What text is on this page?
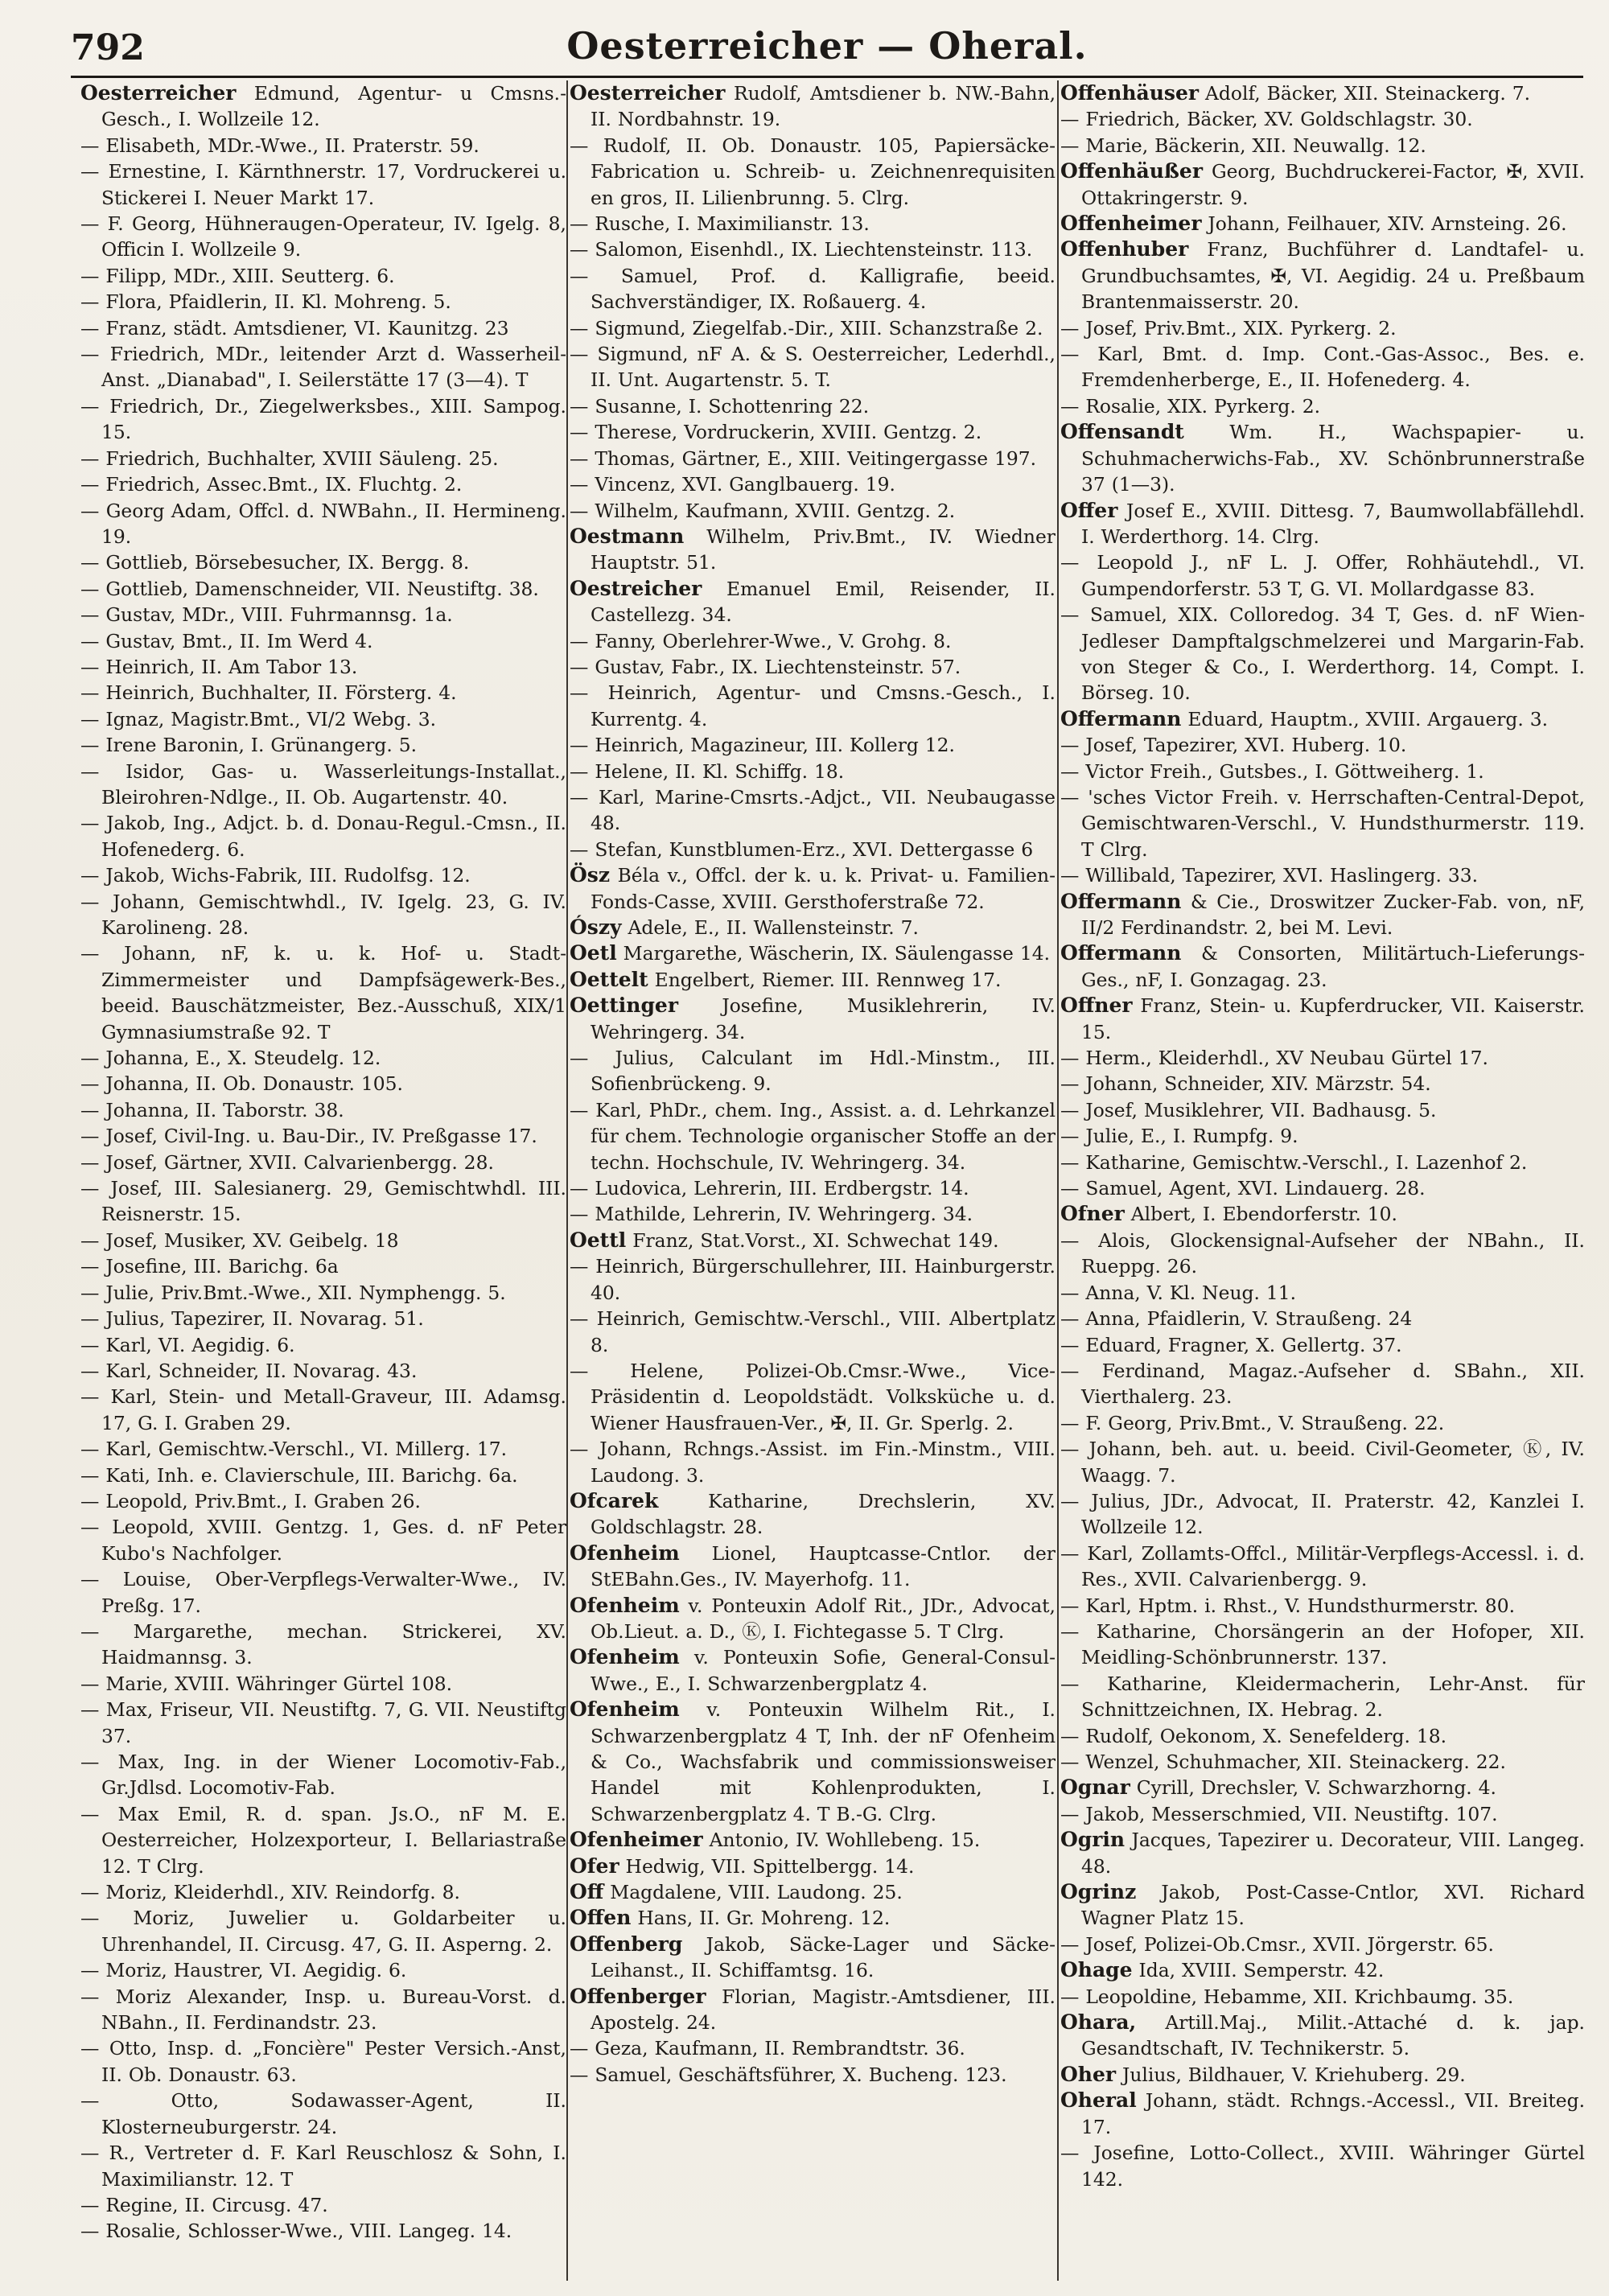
792	Oesterreicher — Oheral.

Oesterreicher Edmund, Agentur- u Cmsns.-Gesch., I. Wollzeile 12.

— Elisabeth, MDr.-Wwe., II. Praterstr. 59.

— Ernestine, I. Kärnthnerstr. 17, Vordruckerei u. Stickerei I. Neuer Markt 17.

— F. Georg, Hühneraugen-Operateur, IV. Igelg. 8, Officin I. Wollzeile 9.

— Filipp, MDr., XIII. Seutterg. 6.

— Flora, Pfaidlerin, II. Kl. Mohreng. 5.

— Franz, städt. Amtsdiener, VI. Kaunitzg. 23

— Friedrich, MDr., leitender Arzt d. Wasserheil-Anst. „Dianabad", I. Seilerstätte 17 (3—4). T

— Friedrich, Dr., Ziegelwerksbes., XIII. Sampog. 15.

— Friedrich, Buchhalter, XVIII Säuleng. 25.

— Friedrich, Assec.Bmt., IX. Fluchtg. 2.

— Georg Adam, Offcl. d. NWBahn., II. Hermineng. 19.

— Gottlieb, Börsebesucher, IX. Bergg. 8.

— Gottlieb, Damenschneider, VII. Neustiftg. 38.

— Gustav, MDr., VIII. Fuhrmannsg. 1a.

— Gustav, Bmt., II. Im Werd 4.

— Heinrich, II. Am Tabor 13.

— Heinrich, Buchhalter, II. Försterg. 4.

— Ignaz, Magistr.Bmt., VI/2 Webg. 3.

— Irene Baronin, I. Grünangerg. 5.

— Isidor, Gas- u. Wasserleitungs-Installat., Bleirohren-Ndlge., II. Ob. Augartenstr. 40.

— Jakob, Ing., Adjct. b. d. Donau-Regul.-Cmsn., II. Hofenederg. 6.

— Jakob, Wichs-Fabrik, III. Rudolfsg. 12.

— Johann, Gemischtwhdl., IV. Igelg. 23, G. IV. Karolineng. 28.

— Johann, nF, k. u. k. Hof- u. Stadt-Zimmermeister und Dampfsägewerk-Bes., beeid. Bauschätzmeister, Bez.-Ausschuß, XIX/1 Gymnasiumstraße 92. T

— Johanna, E., X. Steudelg. 12.

— Johanna, II. Ob. Donaustr. 105.

— Johanna, II. Taborstr. 38.

— Josef, Civil-Ing. u. Bau-Dir., IV. Preßgasse 17.

— Josef, Gärtner, XVII. Calvarienbergg. 28.

— Josef, III. Salesianerg. 29, Gemischtwhdl. III. Reisnerstr. 15.

— Josef, Musiker, XV. Geibelg. 18

— Josefine, III. Barichg. 6a

— Julie, Priv.Bmt.-Wwe., XII. Nymphengg. 5.

— Julius, Tapezirer, II. Novarag. 51.

— Karl, VI. Aegidig. 6.

— Karl, Schneider, II. Novarag. 43.

— Karl, Stein- und Metall-Graveur, III. Adamsg. 17, G. I. Graben 29.

— Karl, Gemischtw.-Verschl., VI. Millerg. 17.

— Kati, Inh. e. Clavierschule, III. Barichg. 6a.

— Leopold, Priv.Bmt., I. Graben 26.

— Leopold, XVIII. Gentzg. 1, Ges. d. nF Peter Kubo's Nachfolger.

— Louise, Ober-Verpflegs-Verwalter-Wwe., IV. Preßg. 17.

— Margarethe, mechan. Strickerei, XV. Haidmannsg. 3.

— Marie, XVIII. Währinger Gürtel 108.

— Max, Friseur, VII. Neustiftg. 7, G. VII. Neustiftg 37.

— Max, Ing. in der Wiener Locomotiv-Fab., Gr.Jdlsd. Locomotiv-Fab.

— Max Emil, R. d. span. Js.O., nF M. E. Oesterreicher, Holzexporteur, I. Bellariastraße 12. T Clrg.

— Moriz, Kleiderhdl., XIV. Reindorfg. 8.

— Moriz, Juwelier u. Goldarbeiter u. Uhrenhandel, II. Circusg. 47, G. II. Asperng. 2.

— Moriz, Haustrer, VI. Aegidig. 6.

— Moriz Alexander, Insp. u. Bureau-Vorst. d. NBahn., II. Ferdinandstr. 23.

— Otto, Insp. d. „Foncière" Pester Versich.-Anst, II. Ob. Donaustr. 63.

— Otto, Sodawasser-Agent, II. Klosterneuburgerstr. 24.

— R., Vertreter d. F. Karl Reuschlosz & Sohn, I. Maximilianstr. 12. T

— Regine, II. Circusg. 47.

— Rosalie, Schlosser-Wwe., VIII. Langeg. 14.

Oesterreicher Rudolf, Amtsdiener b. NW.-Bahn, II. Nordbahnstr. 19.

— Rudolf, II. Ob. Donaustr. 105, Papiersäcke-Fabrication u. Schreib- u. Zeichnenrequisiten en gros, II. Lilienbrunng. 5. Clrg.

— Rusche, I. Maximilianstr. 13.

— Salomon, Eisenhdl., IX. Liechtensteinstr. 113.

— Samuel, Prof. d. Kalligrafie, beeid. Sachverständiger, IX. Roßauerg. 4.

— Sigmund, Ziegelfab.-Dir., XIII. Schanzstraße 2.

— Sigmund, nF A. & S. Oesterreicher, Lederhdl., II. Unt. Augartenstr. 5. T.

— Susanne, I. Schottenring 22.

— Therese, Vordruckerin, XVIII. Gentzg. 2.

— Thomas, Gärtner, E., XIII. Veitingergasse 197.

— Vincenz, XVI. Ganglbauerg. 19.

— Wilhelm, Kaufmann, XVIII. Gentzg. 2.

Oestmann Wilhelm, Priv.Bmt., IV. Wiedner Hauptstr. 51.

Oestreicher Emanuel Emil, Reisender, II. Castellezg. 34.

— Fanny, Oberlehrer-Wwe., V. Grohg. 8.

— Gustav, Fabr., IX. Liechtensteinstr. 57.

— Heinrich, Agentur- und Cmsns.-Gesch., I. Kurrentg. 4.

— Heinrich, Magazineur, III. Kollerg 12.

— Helene, II. Kl. Schiffg. 18.

— Karl, Marine-Cmsrts.-Adjct., VII. Neubaugasse 48.

— Stefan, Kunstblumen-Erz., XVI. Dettergasse 6

Ösz Béla v., Offcl. der k. u. k. Privat- u. Familien-Fonds-Casse, XVIII. Gersthoferstraße 72.

Ószy Adele, E., II. Wallensteinstr. 7.

Oetl Margarethe, Wäscherin, IX. Säulengasse 14.

Oettelt Engelbert, Riemer. III. Rennweg 17.

Oettinger Josefine, Musiklehrerin, IV. Wehringerg. 34.

— Julius, Calculant im Hdl.-Minstm., III. Sofienbrückeng. 9.

— Karl, PhDr., chem. Ing., Assist. a. d. Lehrkanzel für chem. Technologie organischer Stoffe an der techn. Hochschule, IV. Wehringerg. 34.

— Ludovica, Lehrerin, III. Erdbergstr. 14.

— Mathilde, Lehrerin, IV. Wehringerg. 34.

Oettl Franz, Stat.Vorst., XI. Schwechat 149.

— Heinrich, Bürgerschullehrer, III. Hainburgerstr. 40.

— Heinrich, Gemischtw.-Verschl., VIII. Albertplatz 8.

— Helene, Polizei-Ob.Cmsr.-Wwe., Vice-Präsidentin d. Leopoldstädt. Volksküche u. d. Wiener Hausfrauen-Ver., ✠, II. Gr. Sperlg. 2.

— Johann, Rchngs.-Assist. im Fin.-Minstm., VIII. Laudong. 3.

Ofcarek Katharine, Drechslerin, XV. Goldschlagstr. 28.

Ofenheim Lionel, Hauptcasse-Cntlor. der StEBahn.Ges., IV. Mayerhofg. 11.

Ofenheim v. Ponteuxin Adolf Rit., JDr., Advocat, Ob.Lieut. a. D., Ⓚ, I. Fichtegasse 5. T Clrg.

Ofenheim v. Ponteuxin Sofie, General-Consul-Wwe., E., I. Schwarzenbergplatz 4.

Ofenheim v. Ponteuxin Wilhelm Rit., I. Schwarzenbergplatz 4 T, Inh. der nF Ofenheim & Co., Wachsfabrik und commissionsweiser Handel mit Kohlenprodukten, I. Schwarzenbergplatz 4. T B.-G. Clrg.

Ofenheimer Antonio, IV. Wohllebeng. 15.

Ofer Hedwig, VII. Spittelbergg. 14.

Off Magdalene, VIII. Laudong. 25.

Offen Hans, II. Gr. Mohreng. 12.

Offenberg Jakob, Säcke-Lager und Säcke-Leihanst., II. Schiffamtsg. 16.

Offenberger Florian, Magistr.-Amtsdiener, III. Apostelg. 24.

— Geza, Kaufmann, II. Rembrandtstr. 36.

— Samuel, Geschäftsführer, X. Bucheng. 123.

Offenhäuser Adolf, Bäcker, XII. Steinackerg. 7.

— Friedrich, Bäcker, XV. Goldschlagstr. 30.

— Marie, Bäckerin, XII. Neuwallg. 12.

Offenhäußer Georg, Buchdruckerei-Factor, ✠, XVII. Ottakringerstr. 9.

Offenheimer Johann, Feilhauer, XIV. Arnsteing. 26.

Offenhuber Franz, Buchführer d. Landtafel- u. Grundbuchsamtes, ✠, VI. Aegidig. 24 u. Preßbaum Brantenmaisserstr. 20.

— Josef, Priv.Bmt., XIX. Pyrkerg. 2.

— Karl, Bmt. d. Imp. Cont.-Gas-Assoc., Bes. e. Fremdenherberge, E., II. Hofenederg. 4.

— Rosalie, XIX. Pyrkerg. 2.

Offensandt Wm. H., Wachspapier- u. Schuhmacherwichs-Fab., XV. Schönbrunnerstraße 37 (1—3).

Offer Josef E., XVIII. Dittesg. 7, Baumwollabfällehdl. I. Werderthorg. 14. Clrg.

— Leopold J., nF L. J. Offer, Rohhäutehdl., VI. Gumpendorferstr. 53 T, G. VI. Mollardgasse 83.

— Samuel, XIX. Colloredog. 34 T, Ges. d. nF Wien-Jedleser Dampftalgschmelzerei und Margarin-Fab. von Steger & Co., I. Werderthorg. 14, Compt. I. Börseg. 10.

Offermann Eduard, Hauptm., XVIII. Argauerg. 3.

— Josef, Tapezirer, XVI. Huberg. 10.

— Victor Freih., Gutsbes., I. Göttweiherg. 1.

— 'sches Victor Freih. v. Herrschaften-Central-Depot, Gemischtwaren-Verschl., V. Hundsthurmerstr. 119. T Clrg.

— Willibald, Tapezirer, XVI. Haslingerg. 33.

Offermann & Cie., Droswitzer Zucker-Fab. von, nF, II/2 Ferdinandstr. 2, bei M. Levi.

Offermann & Consorten, Militärtuch-Lieferungs-Ges., nF, I. Gonzagag. 23.

Offner Franz, Stein- u. Kupferdrucker, VII. Kaiserstr. 15.

— Herm., Kleiderhdl., XV Neubau Gürtel 17.

— Johann, Schneider, XIV. Märzstr. 54.

— Josef, Musiklehrer, VII. Badhausg. 5.

— Julie, E., I. Rumpfg. 9.

— Katharine, Gemischtw.-Verschl., I. Lazenhof 2.

— Samuel, Agent, XVI. Lindauerg. 28.

Ofner Albert, I. Ebendorferstr. 10.

— Alois, Glockensignal-Aufseher der NBahn., II. Rueppg. 26.

— Anna, V. Kl. Neug. 11.

— Anna, Pfaidlerin, V. Straußeng. 24

— Eduard, Fragner, X. Gellertg. 37.

— Ferdinand, Magaz.-Aufseher d. SBahn., XII. Vierthalerg. 23.

— F. Georg, Priv.Bmt., V. Straußeng. 22.

— Johann, beh. aut. u. beeid. Civil-Geometer, Ⓚ, IV. Waagg. 7.

— Julius, JDr., Advocat, II. Praterstr. 42, Kanzlei I. Wollzeile 12.

— Karl, Zollamts-Offcl., Militär-Verpflegs-Accessl. i. d. Res., XVII. Calvarienbergg. 9.

— Karl, Hptm. i. Rhst., V. Hundsthurmerstr. 80.

— Katharine, Chorsängerin an der Hofoper, XII. Meidling-Schönbrunnerstr. 137.

— Katharine, Kleidermacherin, Lehr-Anst. für Schnittzeichnen, IX. Hebrag. 2.

— Rudolf, Oekonom, X. Senefelderg. 18.

— Wenzel, Schuhmacher, XII. Steinackerg. 22.

Ognar Cyrill, Drechsler, V. Schwarzhorng. 4.

— Jakob, Messerschmied, VII. Neustiftg. 107.

Ogrin Jacques, Tapezirer u. Decorateur, VIII. Langeg. 48.

Ogrinz Jakob, Post-Casse-Cntlor, XVI. Richard Wagner Platz 15.

— Josef, Polizei-Ob.Cmsr., XVII. Jörgerstr. 65.

Ohage Ida, XVIII. Semperstr. 42.

— Leopoldine, Hebamme, XII. Krichbaumg. 35.

Ohara, Artill.Maj., Milit.-Attaché d. k. jap. Gesandtschaft, IV. Technikerstr. 5.

Oher Julius, Bildhauer, V. Kriehuberg. 29.

Oheral Johann, städt. Rchngs.-Accessl., VII. Breiteg. 17.

— Josefine, Lotto-Collect., XVIII. Währinger Gürtel 142.
